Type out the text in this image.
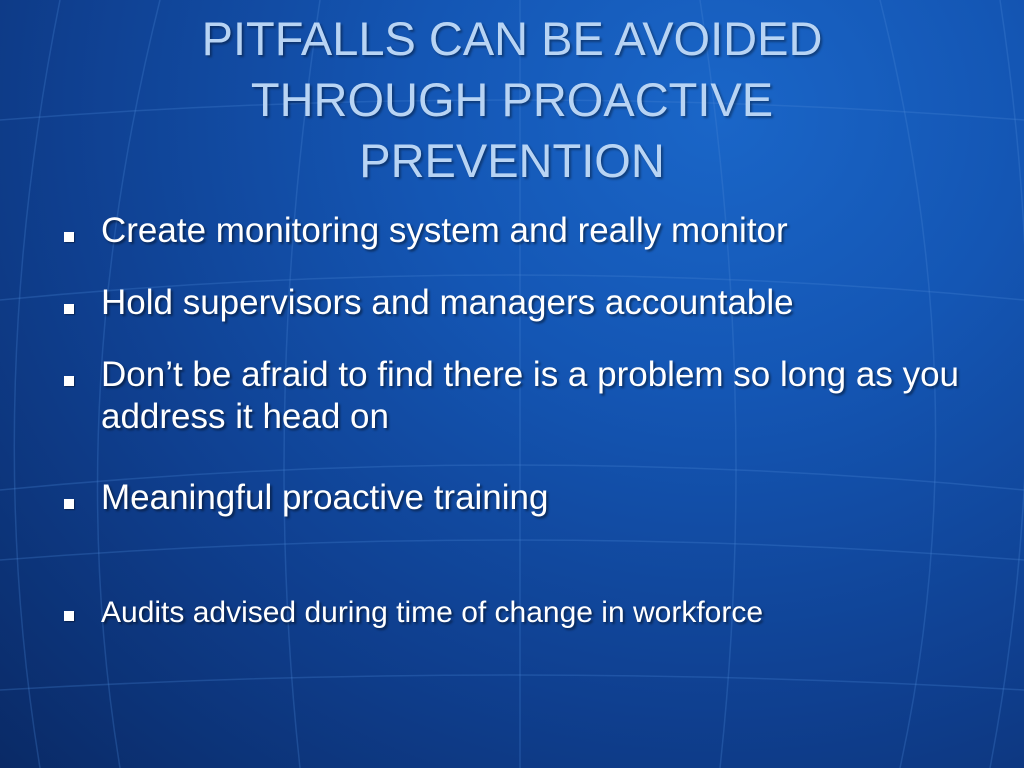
PITFALLS CAN BE AVOIDED
THROUGH PROACTIVE
PREVENTION
Create monitoring system and really monitor
Hold supervisors and managers accountable
Don’t be afraid to find there is a problem so long as you address it head on
Meaningful proactive training
Audits advised during time of change in workforce
